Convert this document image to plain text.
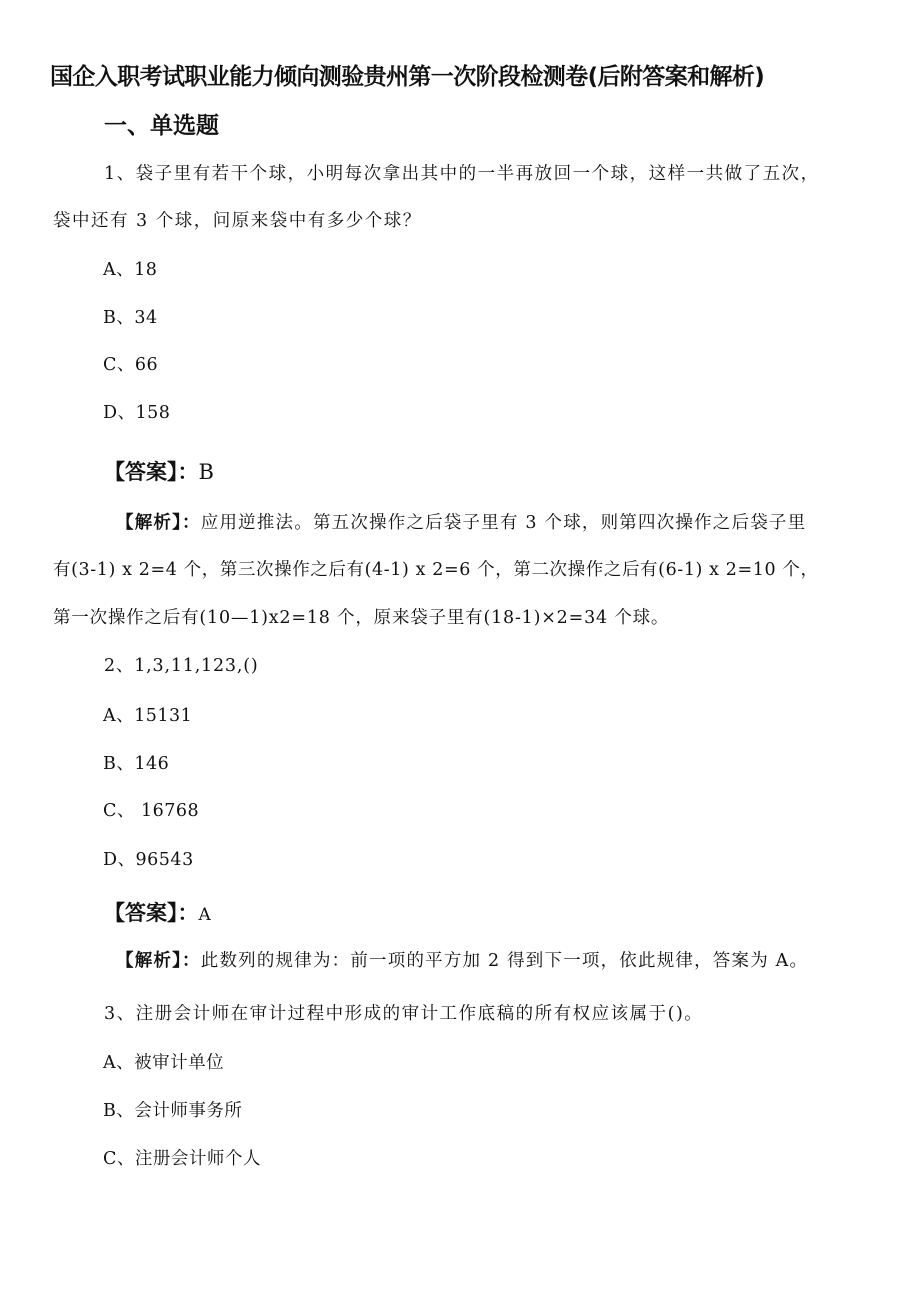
国企入职考试职业能力倾向测验贵州第一次阶段检测卷(后附答案和解析)
一、单选题
1、袋子里有若干个球，小明每次拿出其中的一半再放回一个球，这样一共做了五次，
袋中还有 3 个球，问原来袋中有多少个球？
A、18
B、34
C、66
D、158
【答案】：B
【解析】：应用逆推法。第五次操作之后袋子里有 3 个球，则第四次操作之后袋子里
有(3-1) x 2=4 个，第三次操作之后有(4-1) x 2=6 个，第二次操作之后有(6-1) x 2=10 个，
第一次操作之后有(10—1)x2=18 个，原来袋子里有(18-1)×2=34 个球。
2、1,3,11,123,()
A、15131
B、146
C、 16768
D、96543
【答案】：A
【解析】：此数列的规律为：前一项的平方加 2 得到下一项，依此规律，答案为 A。
3、注册会计师在审计过程中形成的审计工作底稿的所有权应该属于()。
A、被审计单位
B、会计师事务所
C、注册会计师个人
